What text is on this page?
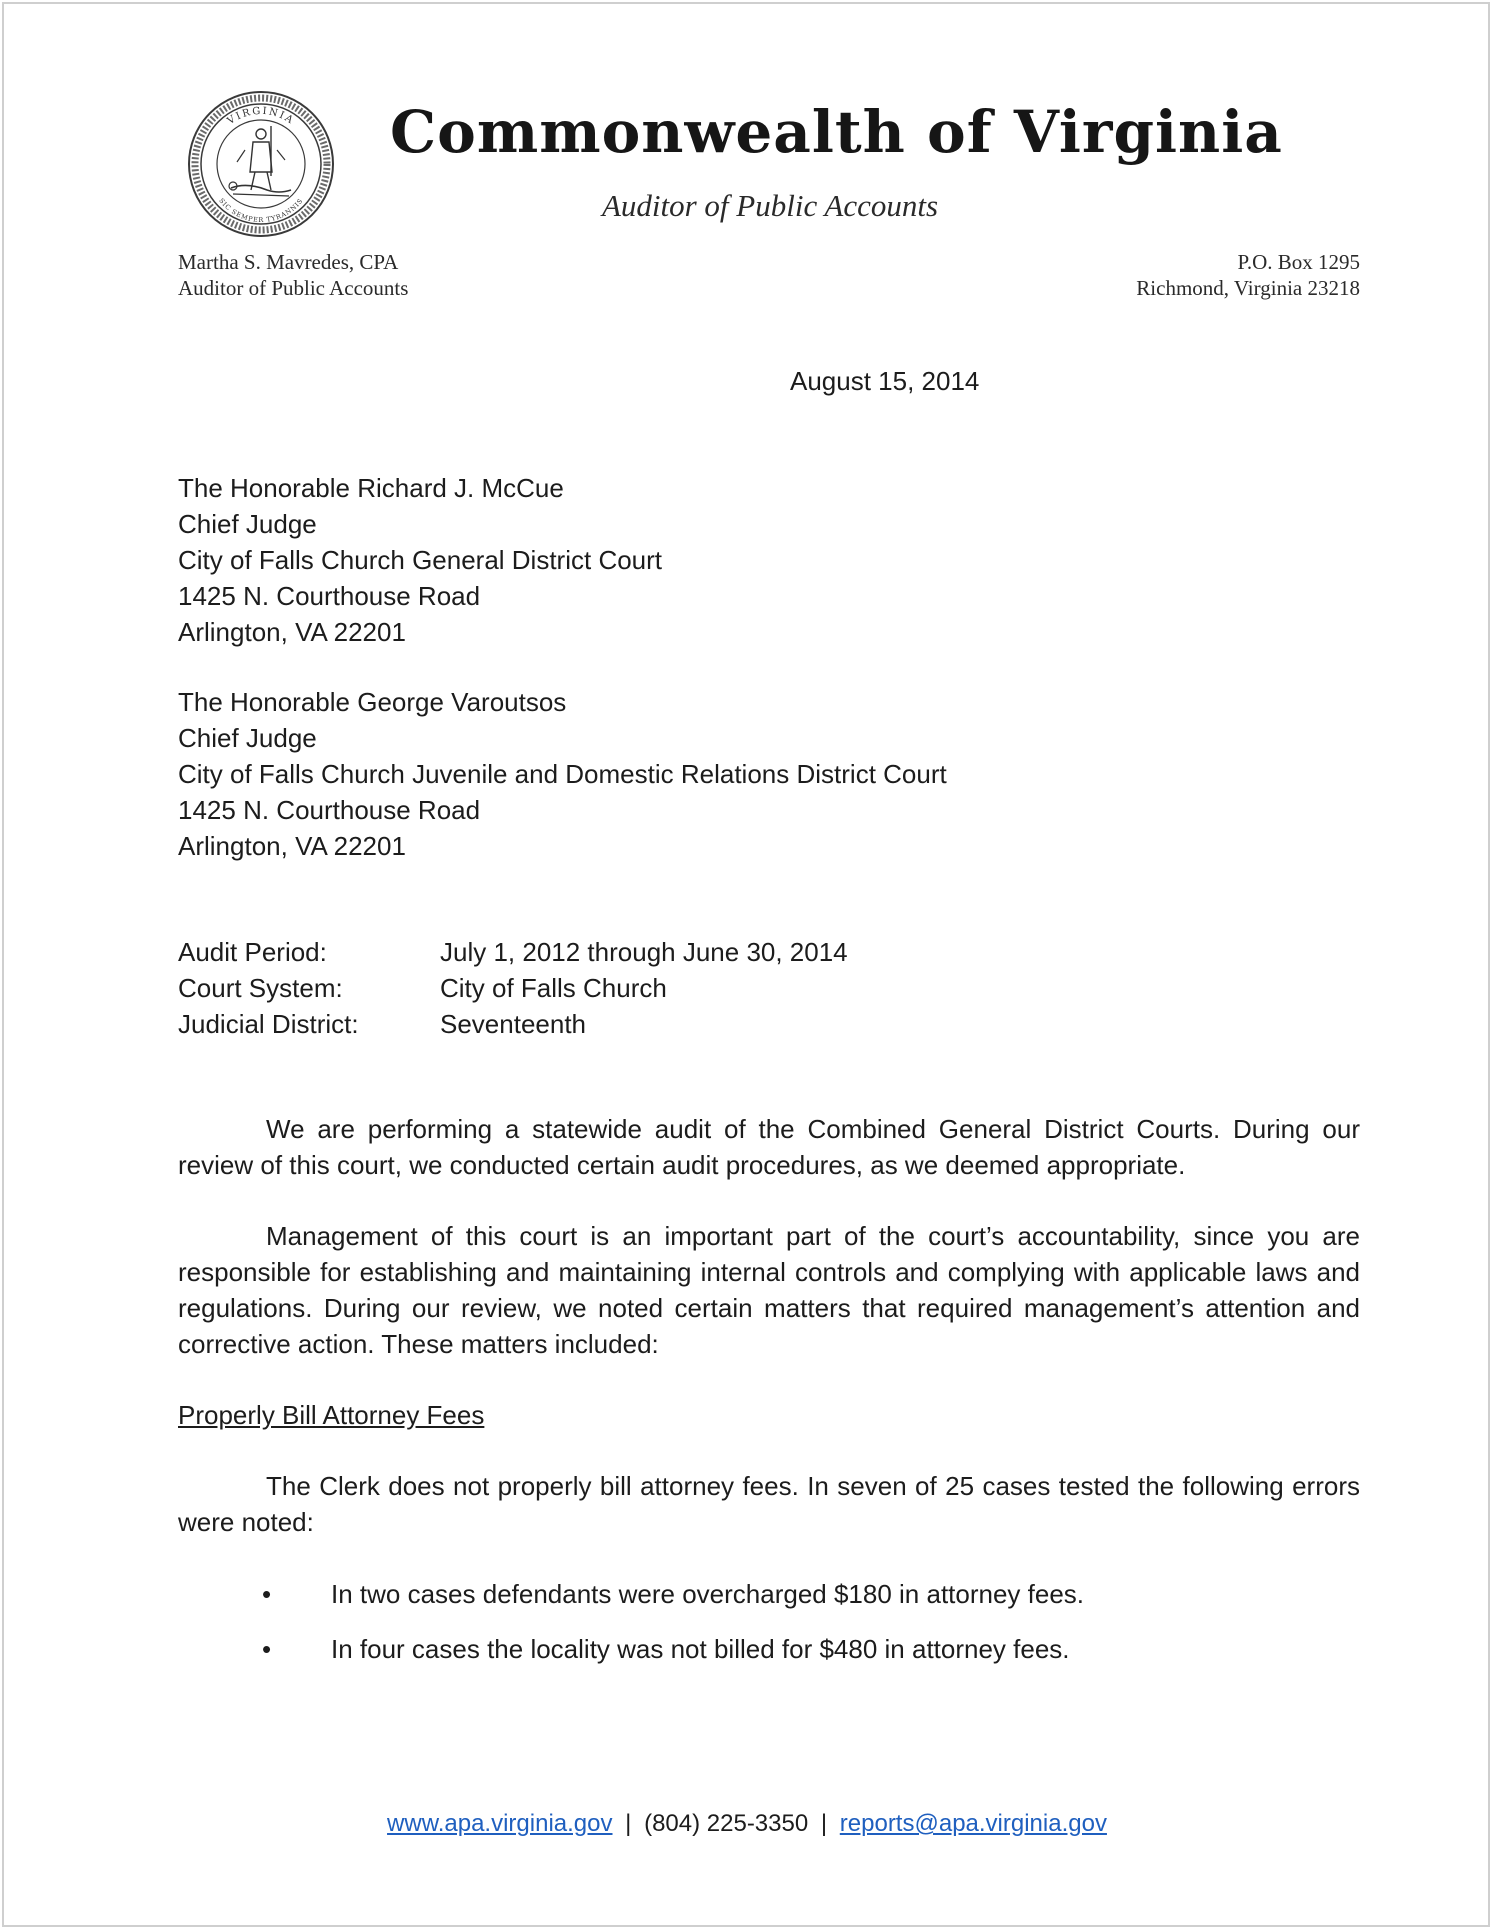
VIRGINIA
SIC SEMPER TYRANNIS
Commonwealth of Virginia
Auditor of Public Accounts
Martha S. Mavredes, CPA
Auditor of Public Accounts
P.O. Box 1295
Richmond, Virginia 23218
August 15, 2014
The Honorable Richard J. McCue
Chief Judge
City of Falls Church General District Court
1425 N. Courthouse Road
Arlington, VA 22201
The Honorable George Varoutsos
Chief Judge
City of Falls Church Juvenile and Domestic Relations District Court
1425 N. Courthouse Road
Arlington, VA 22201
Audit Period:	July 1, 2012 through June 30, 2014
Court System:	City of Falls Church
Judicial District:	Seventeenth

We are performing a statewide audit of the Combined General District Courts. During our review of this court, we conducted certain audit procedures, as we deemed appropriate.

Management of this court is an important part of the court’s accountability, since you are responsible for establishing and maintaining internal controls and complying with applicable laws and regulations. During our review, we noted certain matters that required management’s attention and corrective action. These matters included:

Properly Bill Attorney Fees

The Clerk does not properly bill attorney fees. In seven of 25 cases tested the following errors were noted:

•	In two cases defendants were overcharged $180 in attorney fees.
•	In four cases the locality was not billed for $480 in attorney fees.
www.apa.virginia.gov | (804) 225-3350 | reports@apa.virginia.gov
